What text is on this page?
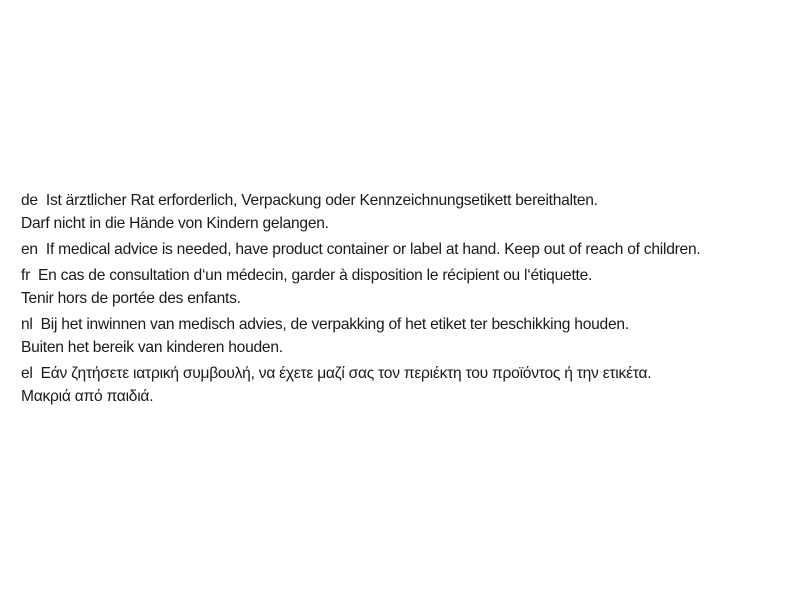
de Ist ärztlicher Rat erforderlich, Verpackung oder Kennzeichnungsetikett bereithalten.
Darf nicht in die Hände von Kindern gelangen.
en If medical advice is needed, have product container or label at hand. Keep out of reach of children.
fr En cas de consultation d‘un médecin, garder à disposition le récipient ou l‘étiquette.
Tenir hors de portée des enfants.
nl Bij het inwinnen van medisch advies, de verpakking of het etiket ter beschikking houden.
Buiten het bereik van kinderen houden.
el Εάν ζητήσετε ιατρική συμβουλή, να έχετε μαζί σας τον περιέκτη του προϊόντος ή την ετικέτα.
Μακριά από παιδιά.
